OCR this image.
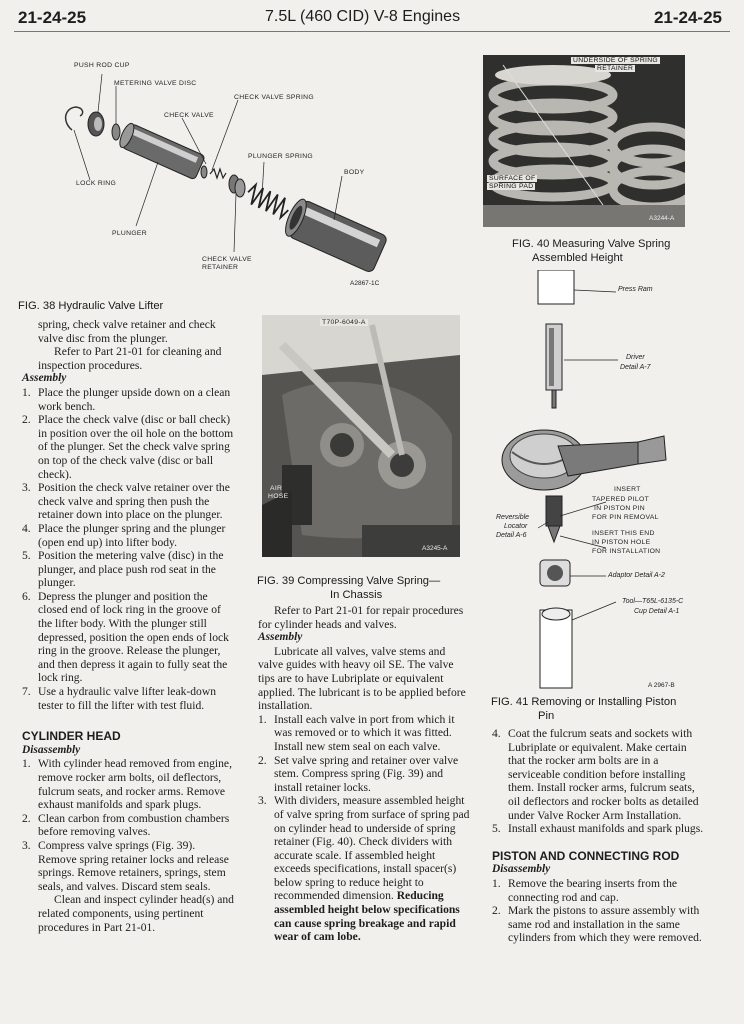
21-24-25	7.5L (460 CID) V-8 Engines	21-24-25
PUSH ROD CUP
METERING VALVE DISC
CHECK VALVE SPRING
CHECK VALVE
PLUNGER SPRING
BODY
LOCK RING
PLUNGER
CHECK VALVE
RETAINER
A2867-1C
FIG. 38 Hydraulic Valve Lifter
T70P-6049-A
AIR
HOSE
A3245-A
FIG. 39 Compressing Valve Spring—
In Chassis
UNDERSIDE OF SPRING
RETAINER
SURFACE OF
SPRING PAD
A3244-A
FIG. 40 Measuring Valve Spring
Assembled Height
Press Ram
Driver
Detail A-7
INSERT
TAPERED PILOT
IN PISTON PIN
FOR PIN REMOVAL
Reversible
Locator
Detail A-6	INSERT THIS END
IN PISTON HOLE
FOR INSTALLATION
Adaptor Detail A-2
Tool—T65L-6135-C
Cup Detail A-1
A 2967-B
FIG. 41 Removing or Installing Piston
Pin

spring, check valve retainer and check valve disc from the plunger.

Refer to Part 21-01 for cleaning and inspection procedures.

Assembly

1. Place the plunger upside down on a clean work bench.
2. Place the check valve (disc or ball check) in position over the oil hole on the bottom of the plunger. Set the check valve spring on top of the check valve (disc or ball check).
3. Position the check valve retainer over the check valve and spring then push the retainer down into place on the plunger.
4. Place the plunger spring and the plunger (open end up) into lifter body.
5. Position the metering valve (disc) in the plunger, and place push rod seat in the plunger.
6. Depress the plunger and position the closed end of lock ring in the groove of the lifter body. With the plunger still depressed, position the open ends of lock ring in the groove. Release the plunger, and then depress it again to fully seat the lock ring.
7. Use a hydraulic valve lifter leak-down tester to fill the lifter with test fluid.

CYLINDER HEAD

Disassembly

1. With cylinder head removed from engine, remove rocker arm bolts, oil deflectors, fulcrum seats, and rocker arms. Remove exhaust manifolds and spark plugs.
2. Clean carbon from combustion chambers before removing valves.
3. Compress valve springs (Fig. 39). Remove spring retainer locks and release springs. Remove retainers, springs, stem seals, and valves. Discard stem seals.

Clean and inspect cylinder head(s) and related components, using pertinent procedures in Part 21-01.

Refer to Part 21-01 for repair procedures for cylinder heads and valves.

Assembly

Lubricate all valves, valve stems and valve guides with heavy oil SE. The valve tips are to have Lubriplate or equivalent applied. The lubricant is to be applied before installation.

1. Install each valve in port from which it was removed or to which it was fitted. Install new stem seal on each valve.
2. Set valve spring and retainer over valve stem. Compress spring (Fig. 39) and install retainer locks.
3. With dividers, measure assembled height of valve spring from surface of spring pad on cylinder head to underside of spring retainer (Fig. 40). Check dividers with accurate scale. If assembled height exceeds specifications, install spacer(s) below spring to reduce height to recommended dimension. Reducing assembled height below specifications can cause spring breakage and rapid wear of cam lobe.
4. Coat the fulcrum seats and sockets with Lubriplate or equivalent. Make certain that the rocker arm bolts are in a serviceable condition before installing them. Install rocker arms, fulcrum seats, oil deflectors and rocker bolts as detailed under Valve Rocker Arm Installation.
5. Install exhaust manifolds and spark plugs.

PISTON AND CONNECTING ROD

Disassembly

1. Remove the bearing inserts from the connecting rod and cap.
2. Mark the pistons to assure assembly with same rod and installation in the same cylinders from which they were removed.
